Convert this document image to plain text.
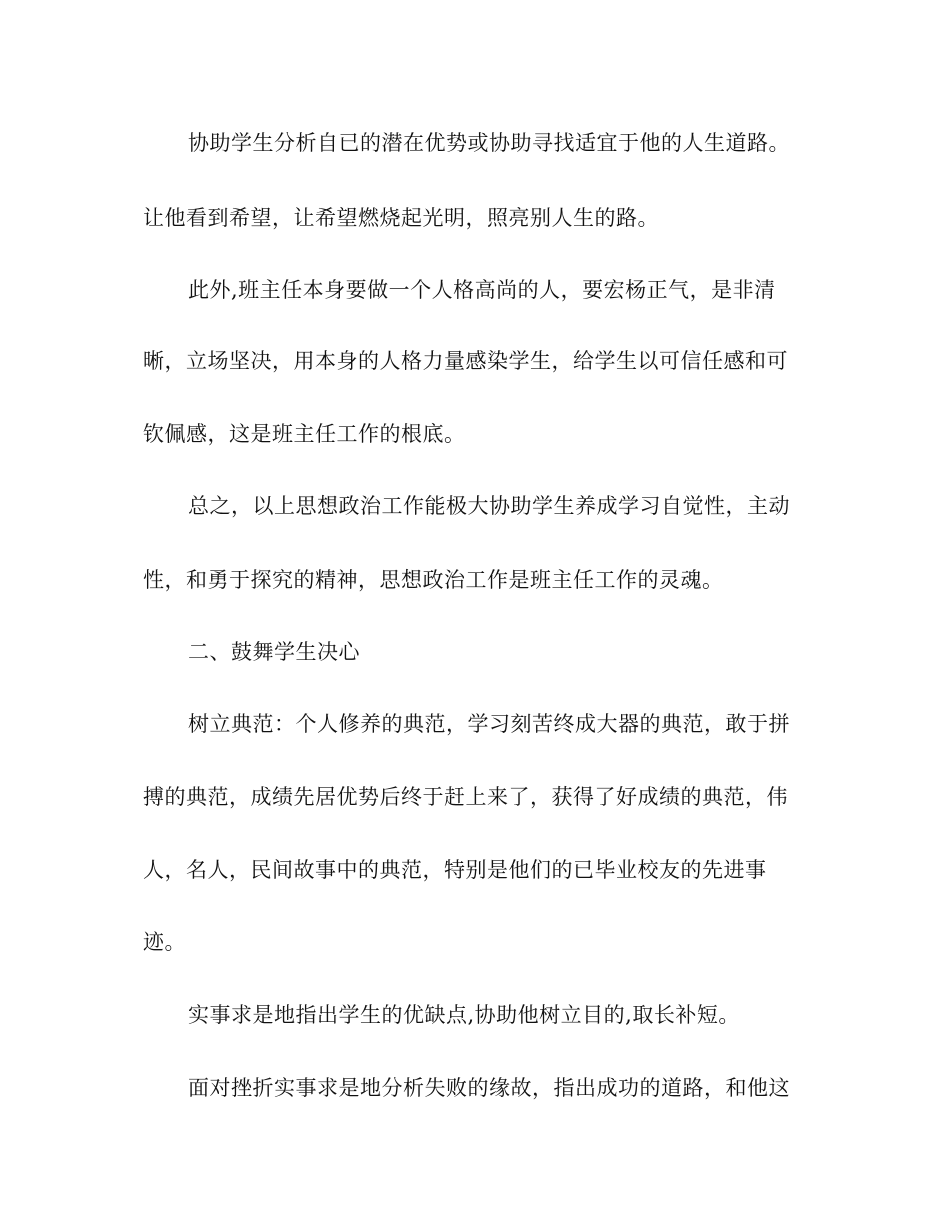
协助学生分析自已的潜在优势或协助寻找适宜于他的人生道路。

让他看到希望，让希望燃烧起光明，照亮别人生的路。

此外,班主任本身要做一个人格高尚的人，要宏杨正气，是非清

晰，立场坚决，用本身的人格力量感染学生，给学生以可信任感和可

钦佩感，这是班主任工作的根底。

总之，以上思想政治工作能极大协助学生养成学习自觉性，主动

性，和勇于探究的精神，思想政治工作是班主任工作的灵魂。

二、鼓舞学生决心

树立典范：个人修养的典范，学习刻苦终成大器的典范，敢于拼

搏的典范，成绩先居优势后终于赶上来了，获得了好成绩的典范，伟

人，名人，民间故事中的典范，特别是他们的已毕业校友的先进事

迹。

实事求是地指出学生的优缺点,协助他树立目的,取长补短。

面对挫折实事求是地分析失败的缘故，指出成功的道路，和他这
